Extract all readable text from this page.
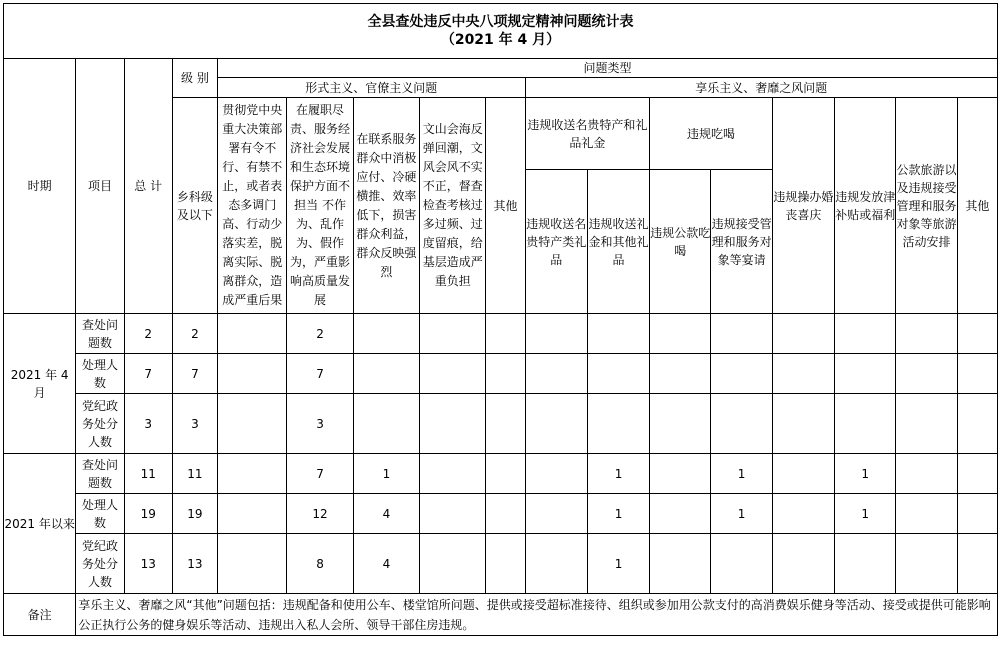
全县查处违反中央八项规定精神问题统计表
（2021 年 4 月）																

时期	项目	总 计	级 别	问题类型												
				形式主义、官僚主义问题					享乐主义、奢靡之风问题							
			乡科级及以下	贯彻党中央重大决策部署有令不行、有禁不止，或者表态多调门高、行动少落实差，脱离实际、脱离群众，造成严重后果	在履职尽责、服务经济社会发展和生态环境保护方面不担当 不作为、乱作为、假作为，严重影响高质量发展	在联系服务群众中消极应付、冷硬横推、效率低下，损害群众利益，群众反映强烈	文山会海反弹回潮，文风会风不实不正，督查检查考核过多过频、过度留痕，给基层造成严重负担	其他	违规收送名贵特产和礼品礼金		违规吃喝		违规操办婚丧喜庆	违规发放津补贴或福利	公款旅游以及违规接受管理和服务对象等旅游活动安排	其他
									违规收送名贵特产类礼品	违规收送礼金和其他礼品	违规公款吃喝	违规接受管理和服务对象等宴请				

2021 年 4 月	查处问题数	2	2		2											
	处理人数	7	7		7											
	党纪政务处分人数	3	3		3											
2021 年以来	查处问题数	11	11		7	1				1		1		1		
	处理人数	19	19		12	4				1		1		1		
	党纪政务处分人数	13	13		8	4				1						
备注	享乐主义、奢靡之风“其他”问题包括：违规配备和使用公车、楼堂馆所问题、提供或接受超标准接待、组织或参加用公款支付的高消费娱乐健身等活动、接受或提供可能影响公正执行公务的健身娱乐等活动、违规出入私人会所、领导干部住房违规。															
